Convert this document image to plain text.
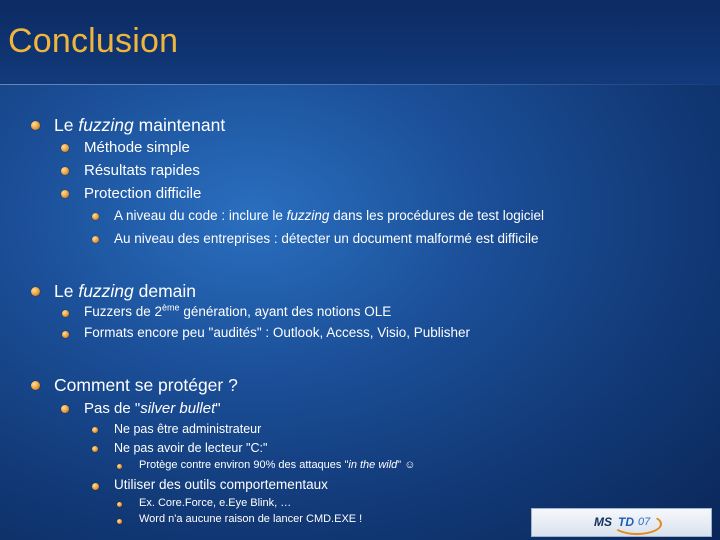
Conclusion
Le fuzzing maintenant
Méthode simple
Résultats rapides
Protection difficile
A niveau du code : inclure le fuzzing dans les procédures de test logiciel
Au niveau des entreprises : détecter un document malformé est difficile
Le fuzzing demain
Fuzzers de 2ème génération, ayant des notions OLE
Formats encore peu "audités" : Outlook, Access, Visio, Publisher
Comment se protéger ?
Pas de "silver bullet"
Ne pas être administrateur
Ne pas avoir de lecteur "C:"
Protège contre environ 90% des attaques "in the wild" ☺
Utiliser des outils comportementaux
Ex. Core.Force, e.Eye Blink, …
Word n'a aucune raison de lancer CMD.EXE !	MS TD 07
